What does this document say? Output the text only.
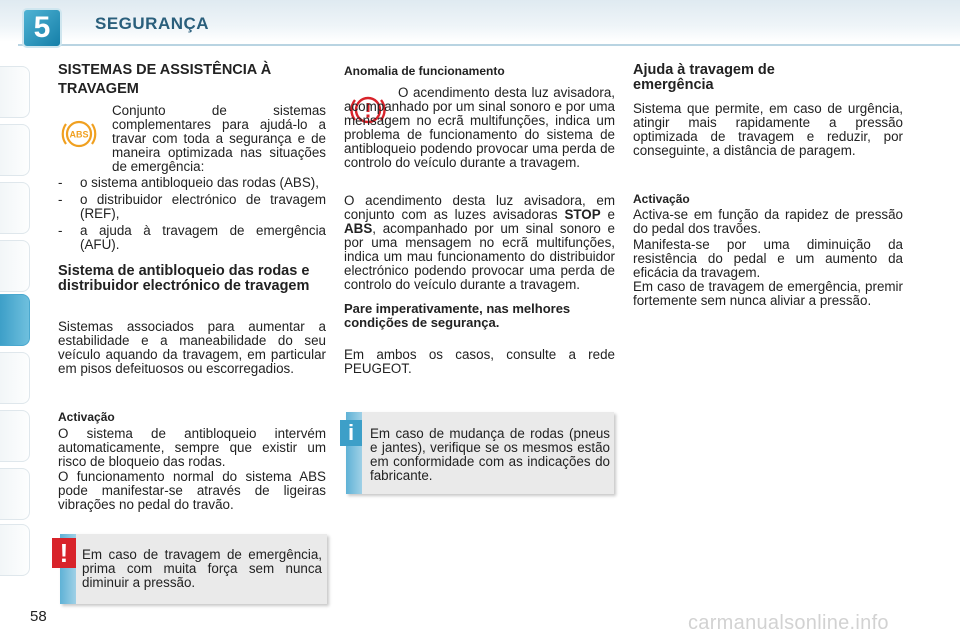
5	SEGURANÇA
SISTEMAS DE ASSISTÊNCIA À TRAVAGEM
ABS
Conjunto de sistemas complementares para ajudá-lo a travar com toda a segurança e de maneira optimizada nas situações de emergência:
- o sistema antibloqueio das rodas (ABS),
- o distribuidor electrónico de travagem (REF),
- a ajuda à travagem de emergência (AFU).
Sistema de antibloqueio das rodas e distribuidor electrónico de travagem
Sistemas associados para aumentar a estabilidade e a maneabilidade do seu veículo aquando da travagem, em particular em pisos defeituosos ou escorregadios.
Activação
O sistema de antibloqueio intervém automaticamente, sempre que existir um risco de bloqueio das rodas.
O funcionamento normal do sistema ABS pode manifestar-se através de ligeiras vibrações no pedal do travão.
!	Em caso de travagem de emergência, prima com muita força sem nunca diminuir a pressão.
Anomalia de funcionamento
O acendimento desta luz avisadora, acompanhado por um sinal sonoro e por uma mensagem no ecrã multifunções, indica um problema de funcionamento do sistema de antibloqueio podendo provocar uma perda de controlo do veículo durante a travagem.
O acendimento desta luz avisadora, em conjunto com as luzes avisadoras STOP e ABS, acompanhado por um sinal sonoro e por uma mensagem no ecrã multifunções, indica um mau funcionamento do distribuidor electrónico podendo provocar uma perda de controlo do veículo durante a travagem.
Pare imperativamente, nas melhores condições de segurança.
Em ambos os casos, consulte a rede PEUGEOT.
i	Em caso de mudança de rodas (pneus e jantes), verifique se os mesmos estão em conformidade com as indicações do fabricante.
Ajuda à travagem de emergência
Sistema que permite, em caso de urgência, atingir mais rapidamente a pressão optimizada de travagem e reduzir, por conseguinte, a distância de paragem.
Activação
Activa-se em função da rapidez de pressão do pedal dos travões.
Manifesta-se por uma diminuição da resistência do pedal e um aumento da eficácia da travagem.
Em caso de travagem de emergência, premir fortemente sem nunca aliviar a pressão.
58	carmanualsonline.info
